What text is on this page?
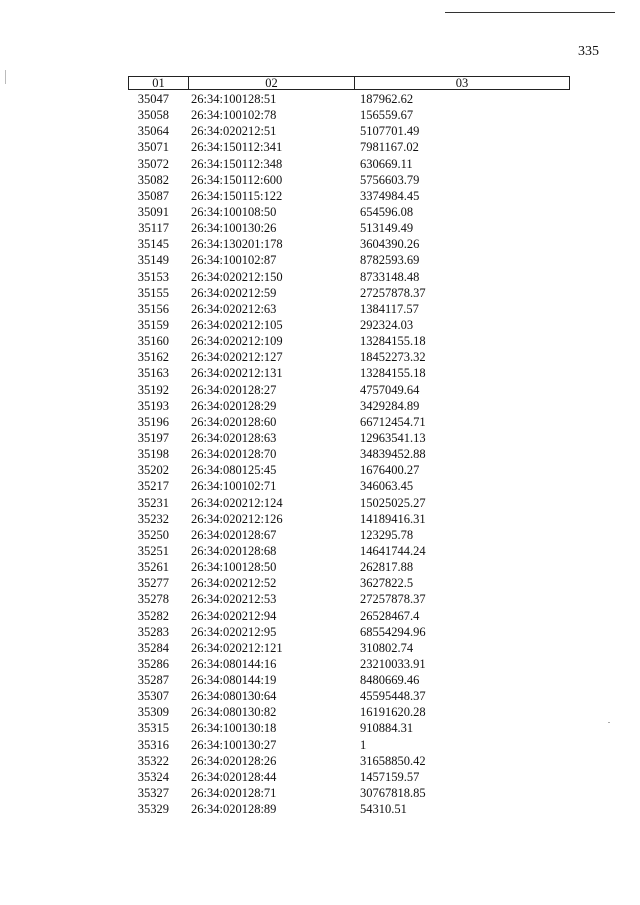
335
01	02	03
35047	26:34:100128:51	187962.62
35058	26:34:100102:78	156559.67
35064	26:34:020212:51	5107701.49
35071	26:34:150112:341	7981167.02
35072	26:34:150112:348	630669.11
35082	26:34:150112:600	5756603.79
35087	26:34:150115:122	3374984.45
35091	26:34:100108:50	654596.08
35117	26:34:100130:26	513149.49
35145	26:34:130201:178	3604390.26
35149	26:34:100102:87	8782593.69
35153	26:34:020212:150	8733148.48
35155	26:34:020212:59	27257878.37
35156	26:34:020212:63	1384117.57
35159	26:34:020212:105	292324.03
35160	26:34:020212:109	13284155.18
35162	26:34:020212:127	18452273.32
35163	26:34:020212:131	13284155.18
35192	26:34:020128:27	4757049.64
35193	26:34:020128:29	3429284.89
35196	26:34:020128:60	66712454.71
35197	26:34:020128:63	12963541.13
35198	26:34:020128:70	34839452.88
35202	26:34:080125:45	1676400.27
35217	26:34:100102:71	346063.45
35231	26:34:020212:124	15025025.27
35232	26:34:020212:126	14189416.31
35250	26:34:020128:67	123295.78
35251	26:34:020128:68	14641744.24
35261	26:34:100128:50	262817.88
35277	26:34:020212:52	3627822.5
35278	26:34:020212:53	27257878.37
35282	26:34:020212:94	26528467.4
35283	26:34:020212:95	68554294.96
35284	26:34:020212:121	310802.74
35286	26:34:080144:16	23210033.91
35287	26:34:080144:19	8480669.46
35307	26:34:080130:64	45595448.37
35309	26:34:080130:82	16191620.28
35315	26:34:100130:18	910884.31
35316	26:34:100130:27	1
35322	26:34:020128:26	31658850.42
35324	26:34:020128:44	1457159.57
35327	26:34:020128:71	30767818.85
35329	26:34:020128:89	54310.51
